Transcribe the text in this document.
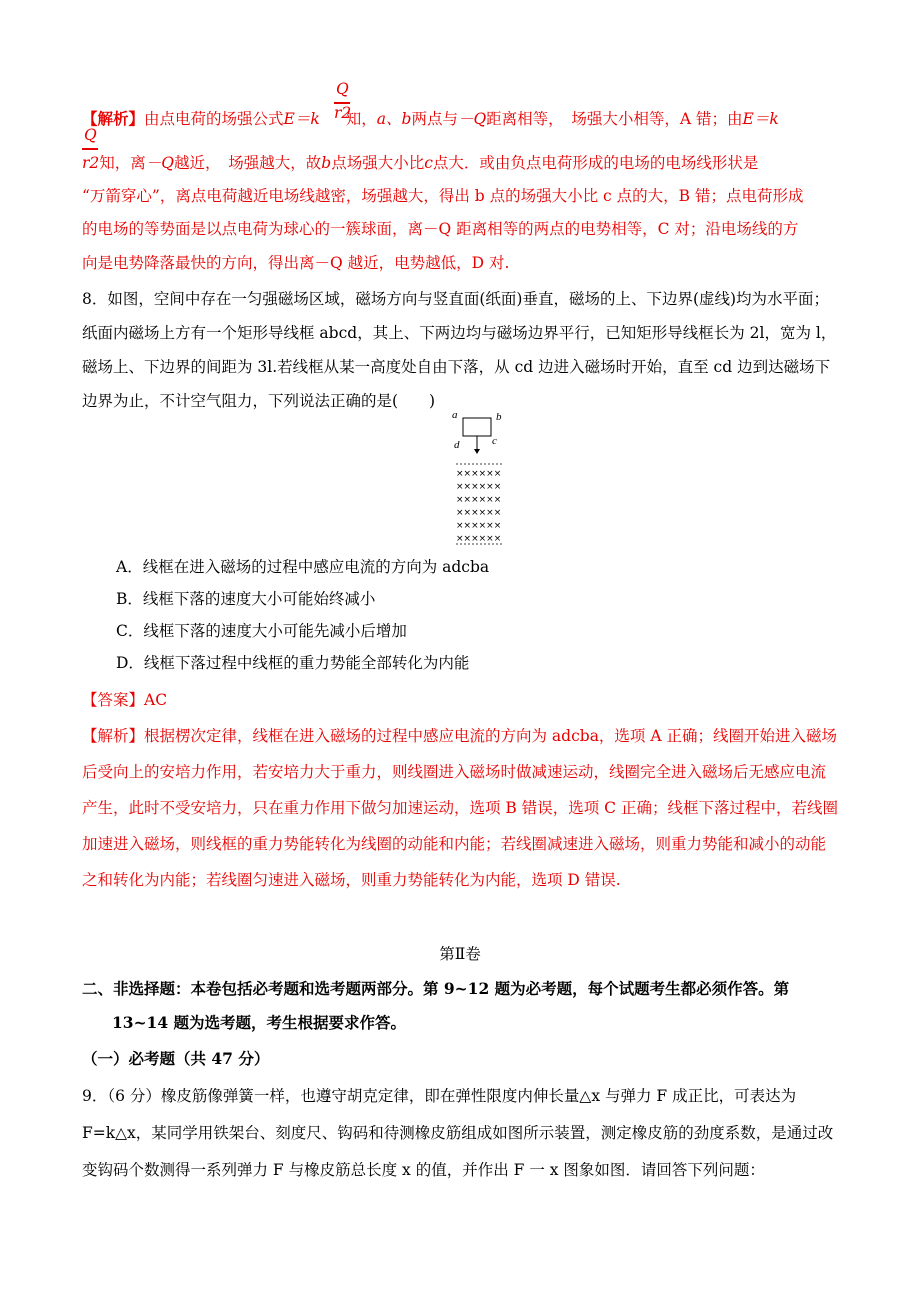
Q
r2
【解析】由点电荷的场强公式E＝k 知，a、b两点与－Q距离相等，　场强大小相等，A 错；由E＝k
Q
r2知，离－Q越近，　场强越大，故b点场强大小比c点大．或由负点电荷形成的电场的电场线形状是
“万箭穿心”，离点电荷越近电场线越密，场强越大，得出 b 点的场强大小比 c 点的大，B 错；点电荷形成
的电场的等势面是以点电荷为球心的一簇球面，离－Q 距离相等的两点的电势相等，C 对；沿电场线的方
向是电势降落最快的方向，得出离－Q 越近，电势越低，D 对.
8．如图，空间中存在一匀强磁场区域，磁场方向与竖直面(纸面)垂直，磁场的上、下边界(虚线)均为水平面；纸面内磁场上方有一个矩形导线框 abcd，其上、下两边均与磁场边界平行，已知矩形导线框长为 2l，宽为 l，磁场上、下边界的间距为 3l.若线框从某一高度处自由下落，从 cd 边进入磁场时开始，直至 cd 边到达磁场下边界为止，不计空气阻力，下列说法正确的是(　　)
a	b
d	c
××××××
××××××
××××××
××××××
××××××
××××××
A．线框在进入磁场的过程中感应电流的方向为 adcba
B．线框下落的速度大小可能始终减小
C．线框下落的速度大小可能先减小后增加
D．线框下落过程中线框的重力势能全部转化为内能
【答案】AC
【解析】根据楞次定律，线框在进入磁场的过程中感应电流的方向为 adcba，选项 A 正确；线圈开始进入磁场后受向上的安培力作用，若安培力大于重力，则线圈进入磁场时做减速运动，线圈完全进入磁场后无感应电流产生，此时不受安培力，只在重力作用下做匀加速运动，选项 B 错误，选项 C 正确；线框下落过程中，若线圈加速进入磁场，则线框的重力势能转化为线圈的动能和内能；若线圈减速进入磁场，则重力势能和减小的动能之和转化为内能；若线圈匀速进入磁场，则重力势能转化为内能，选项 D 错误.
第Ⅱ卷
二、非选择题：本卷包括必考题和选考题两部分。第 9~12 题为必考题，每个试题考生都必须作答。第
13~14 题为选考题，考生根据要求作答。
（一）必考题（共 47 分）
9．（6 分）橡皮筋像弹簧一样，也遵守胡克定律，即在弹性限度内伸长量△x 与弹力 F 成正比，可表达为 F=k△x，某同学用铁架台、刻度尺、钩码和待测橡皮筋组成如图所示装置，测定橡皮筋的劲度系数，是通过改变钩码个数测得一系列弹力 F 与橡皮筋总长度 x 的值，并作出 F 一 x 图象如图．请回答下列问题：
